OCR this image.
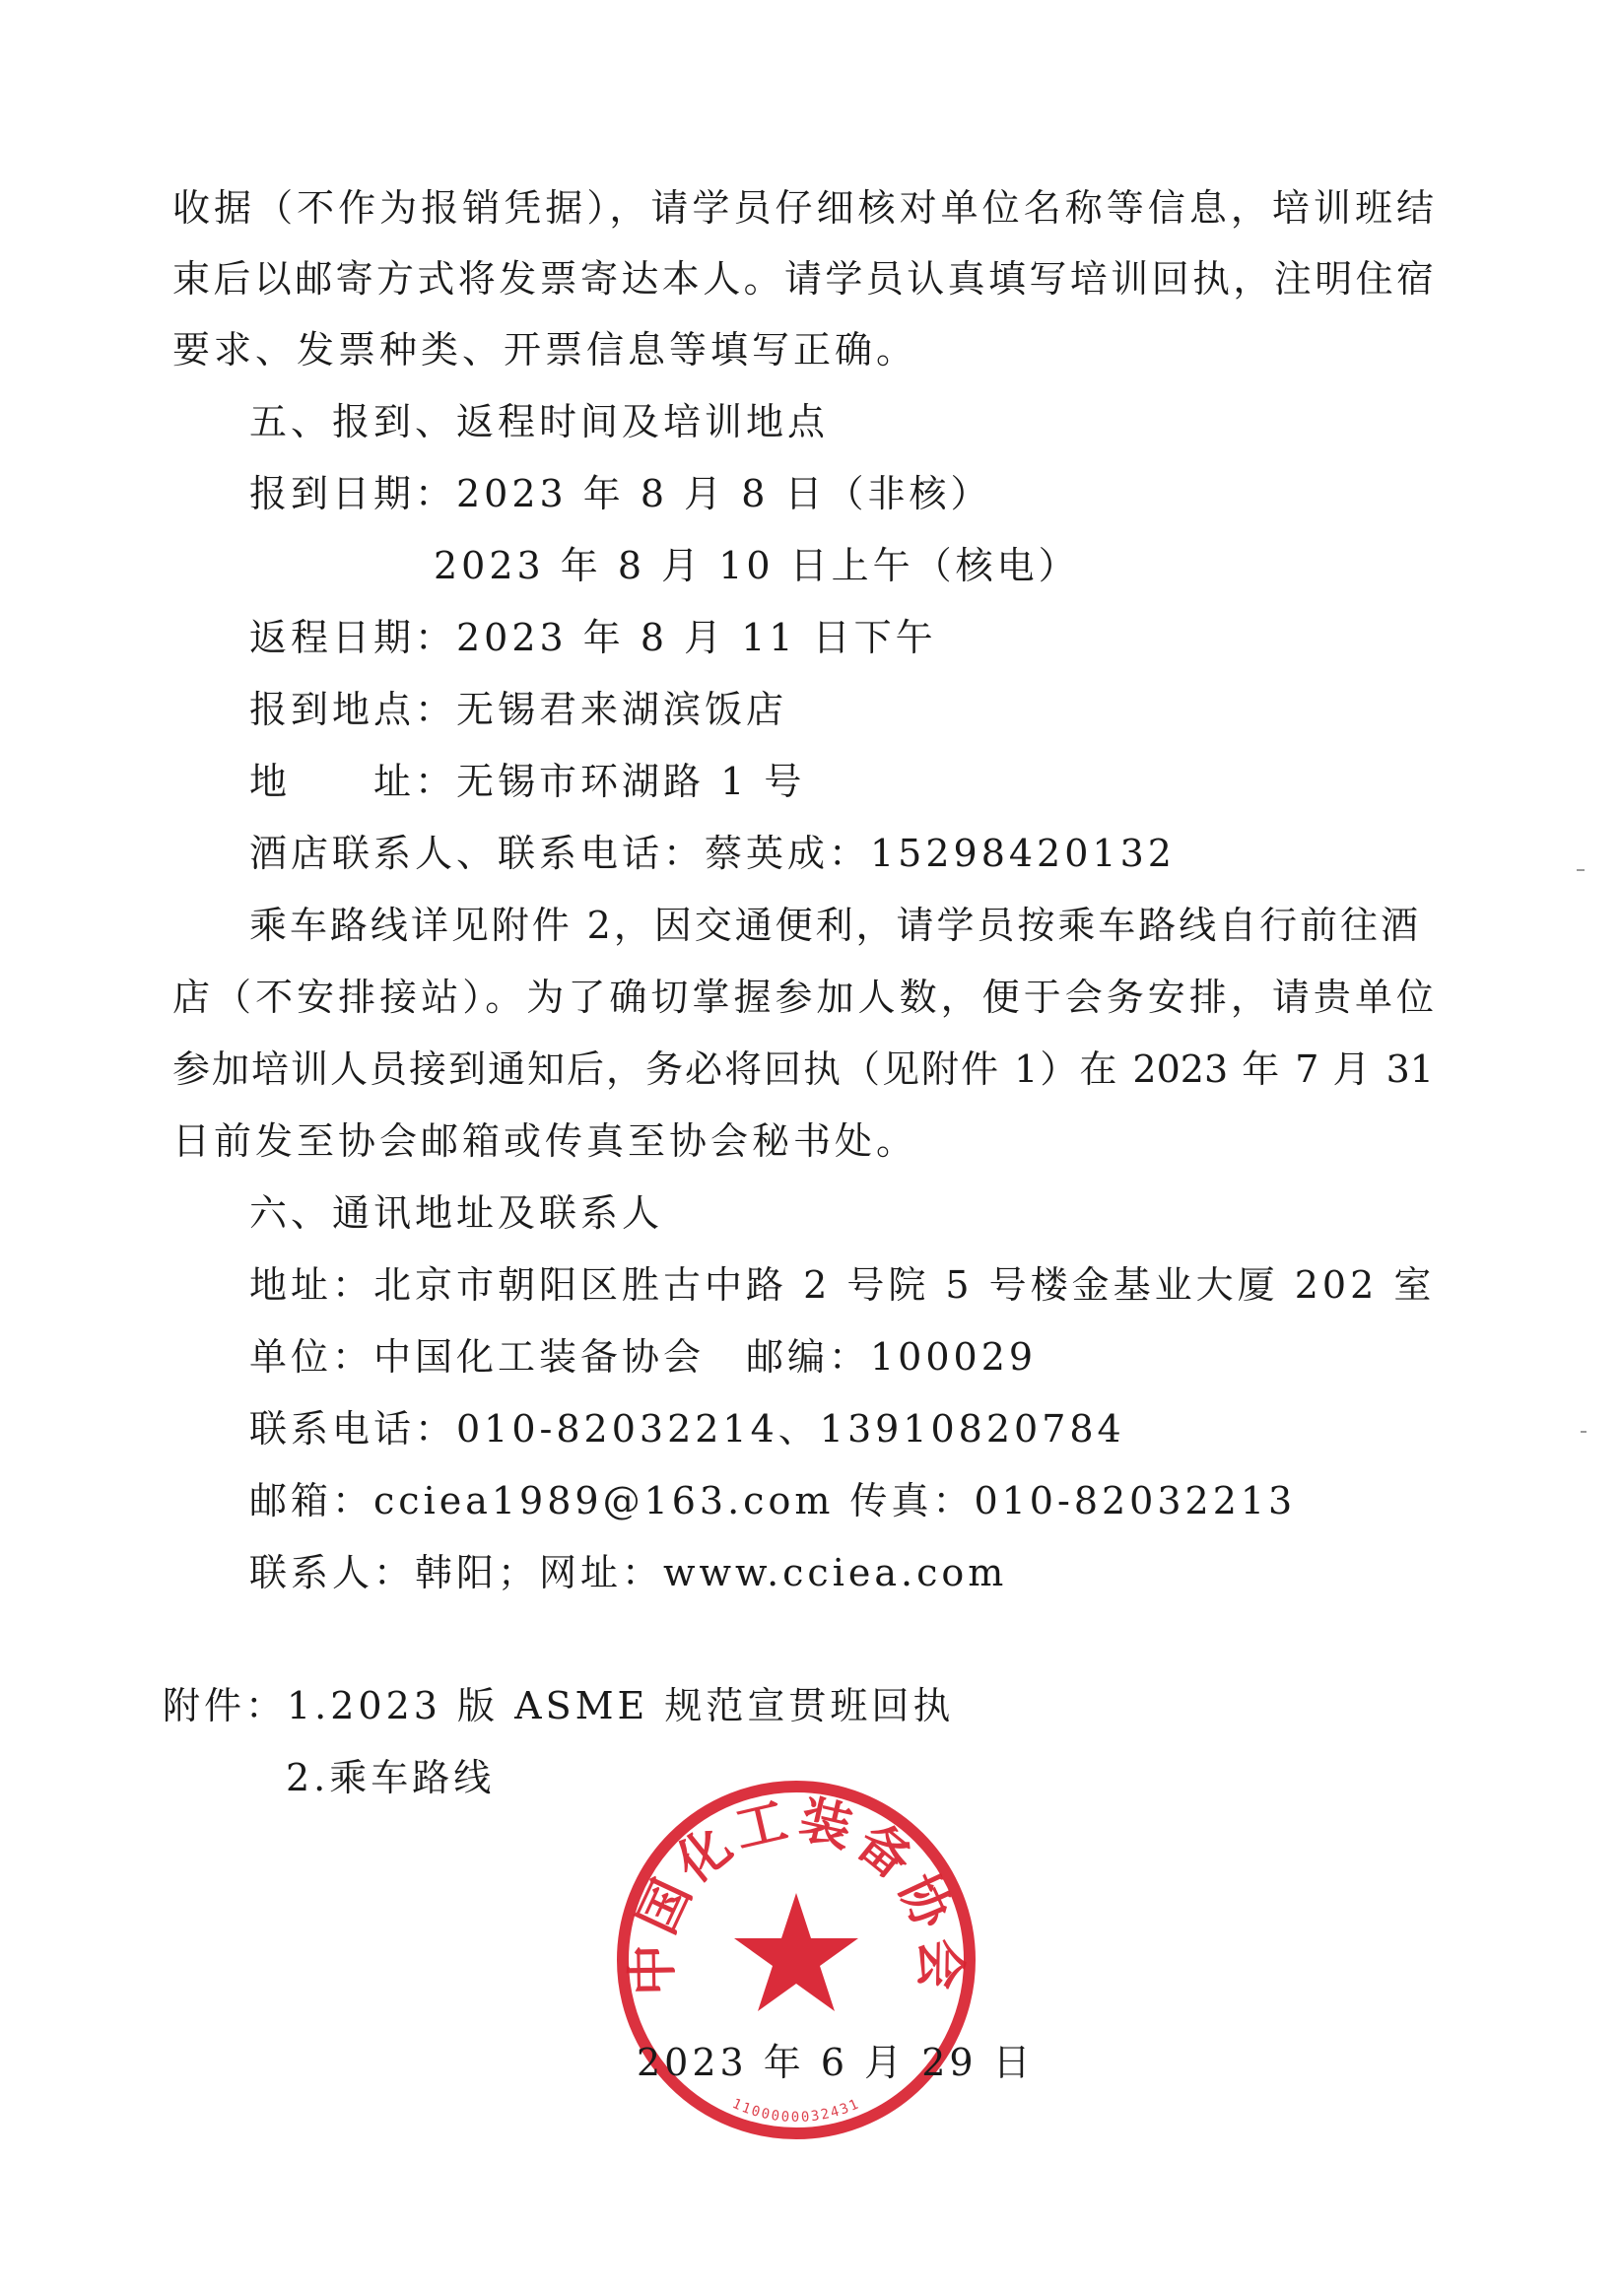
收据（不作为报销凭据），请学员仔细核对单位名称等信息，培训班结
束后以邮寄方式将发票寄达本人。请学员认真填写培训回执，注明住宿
要求、发票种类、开票信息等填写正确。
五、报到、返程时间及培训地点
报到日期：2023 年 8 月 8 日（非核）
2023 年 8 月 10 日上午（核电）
返程日期：2023 年 8 月 11 日下午
报到地点：无锡君来湖滨饭店
地　　址：无锡市环湖路 1 号
酒店联系人、联系电话：蔡英成：15298420132
乘车路线详见附件 2，因交通便利，请学员按乘车路线自行前往酒
店（不安排接站）。为了确切掌握参加人数，便于会务安排，请贵单位
参加培训人员接到通知后，务必将回执（见附件 1）在 2023 年 7 月 31
日前发至协会邮箱或传真至协会秘书处。
六、通讯地址及联系人
地址：北京市朝阳区胜古中路 2 号院 5 号楼金基业大厦 202 室
单位：中国化工装备协会　邮编：100029
联系电话：010-82032214、13910820784
邮箱：cciea1989@163.com 传真：010-82032213
联系人：韩阳；网址：www.cciea.com
附件：1.2023 版 ASME 规范宣贯班回执
2.乘车路线
中国化工装备协会
1100000032431
2023 年 6 月 29 日
